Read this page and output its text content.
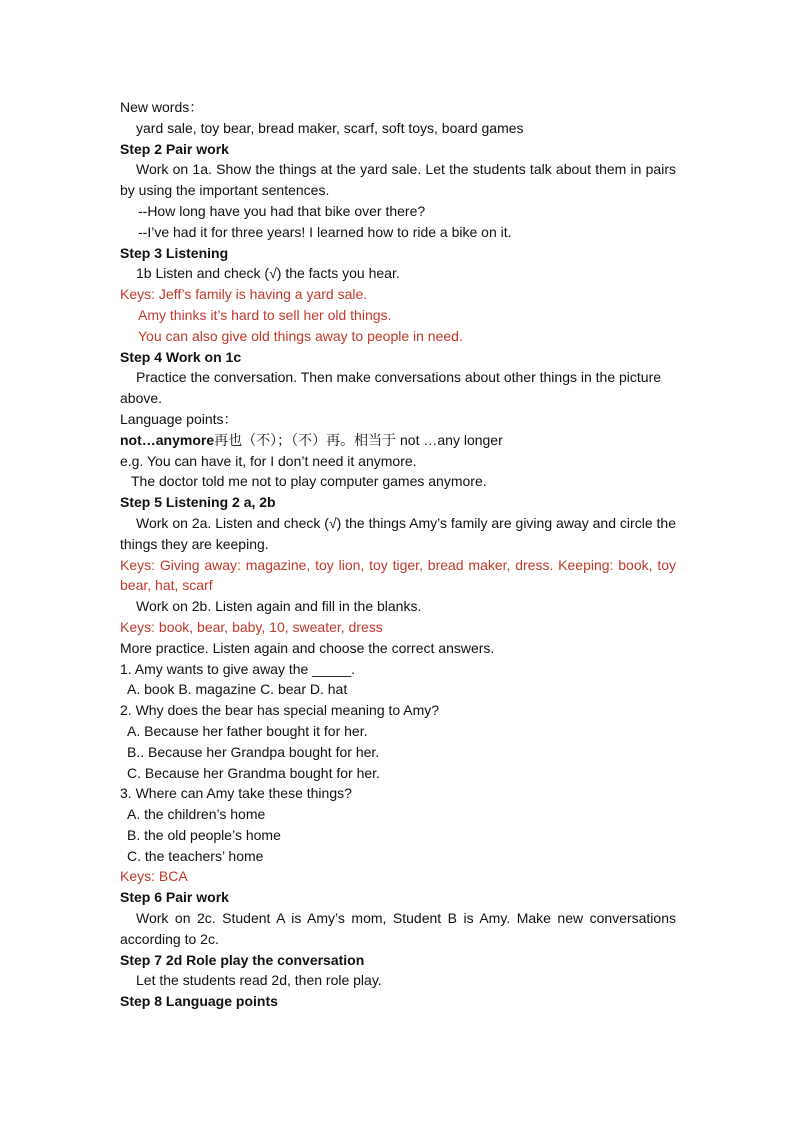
New words：
yard sale, toy bear, bread maker, scarf, soft toys, board games
Step 2 Pair work
Work on 1a. Show the things at the yard sale. Let the students talk about them in pairs by using the important sentences.
--How long have you had that bike over there?
--I’ve had it for three years! I learned how to ride a bike on it.
Step 3 Listening
1b Listen and check (√) the facts you hear.
Keys: Jeff’s family is having a yard sale.
Amy thinks it’s hard to sell her old things.
You can also give old things away to people in need.
Step 4 Work on 1c
Practice the conversation. Then make conversations about other things in the picture above.
Language points：
not…anymore再也（不）；（不）再。相当于 not …any longer
e.g. You can have it, for I don’t need it anymore.
The doctor told me not to play computer games anymore.
Step 5 Listening 2 a, 2b
Work on 2a. Listen and check (√) the things Amy’s family are giving away and circle the things they are keeping.
Keys: Giving away: magazine, toy lion, toy tiger, bread maker, dress. Keeping: book, toy bear, hat, scarf
Work on 2b. Listen again and fill in the blanks.
Keys: book, bear, baby, 10, sweater, dress
More practice. Listen again and choose the correct answers.
1. Amy wants to give away the _____.
A. book B. magazine C. bear D. hat
2. Why does the bear has special meaning to Amy?
A. Because her father bought it for her.
B.. Because her Grandpa bought for her.
C. Because her Grandma bought for her.
3. Where can Amy take these things?
A. the children’s home
B. the old people’s home
C. the teachers’ home
Keys: BCA
Step 6 Pair work
Work on 2c. Student A is Amy’s mom, Student B is Amy. Make new conversations according to 2c.
Step 7 2d Role play the conversation
Let the students read 2d, then role play.
Step 8 Language points
